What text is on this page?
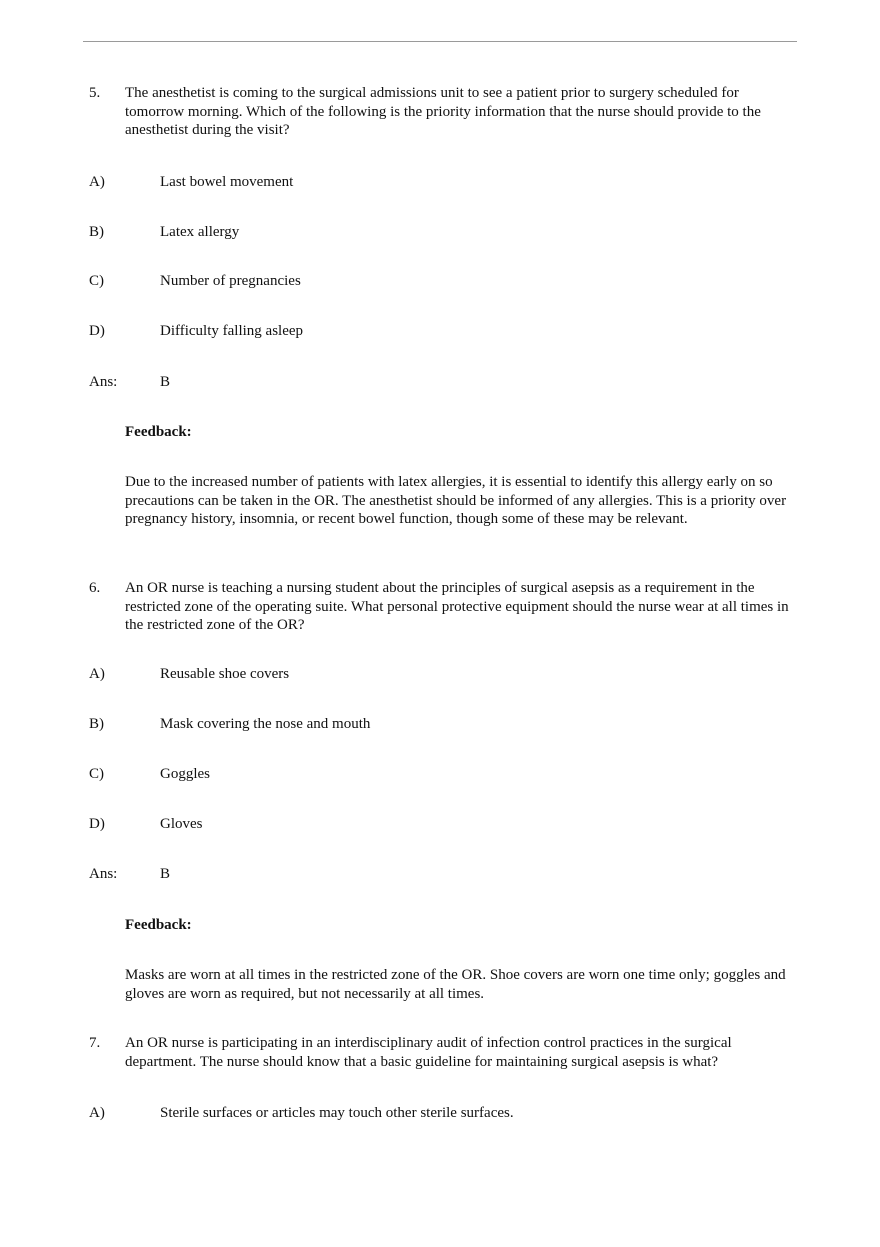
5. The anesthetist is coming to the surgical admissions unit to see a patient prior to surgery scheduled for tomorrow morning. Which of the following is the priority information that the nurse should provide to the anesthetist during the visit?
A)	Last bowel movement
B)	Latex allergy
C)	Number of pregnancies
D)	Difficulty falling asleep
Ans:	B
Feedback:
Due to the increased number of patients with latex allergies, it is essential to identify this allergy early on so precautions can be taken in the OR. The anesthetist should be informed of any allergies. This is a priority over pregnancy history, insomnia, or recent bowel function, though some of these may be relevant.
6. An OR nurse is teaching a nursing student about the principles of surgical asepsis as a requirement in the restricted zone of the operating suite. What personal protective equipment should the nurse wear at all times in the restricted zone of the OR?
A)	Reusable shoe covers
B)	Mask covering the nose and mouth
C)	Goggles
D)	Gloves
Ans:	B
Feedback:
Masks are worn at all times in the restricted zone of the OR. Shoe covers are worn one time only; goggles and gloves are worn as required, but not necessarily at all times.
7. An OR nurse is participating in an interdisciplinary audit of infection control practices in the surgical department. The nurse should know that a basic guideline for maintaining surgical asepsis is what?
A)	Sterile surfaces or articles may touch other sterile surfaces.
